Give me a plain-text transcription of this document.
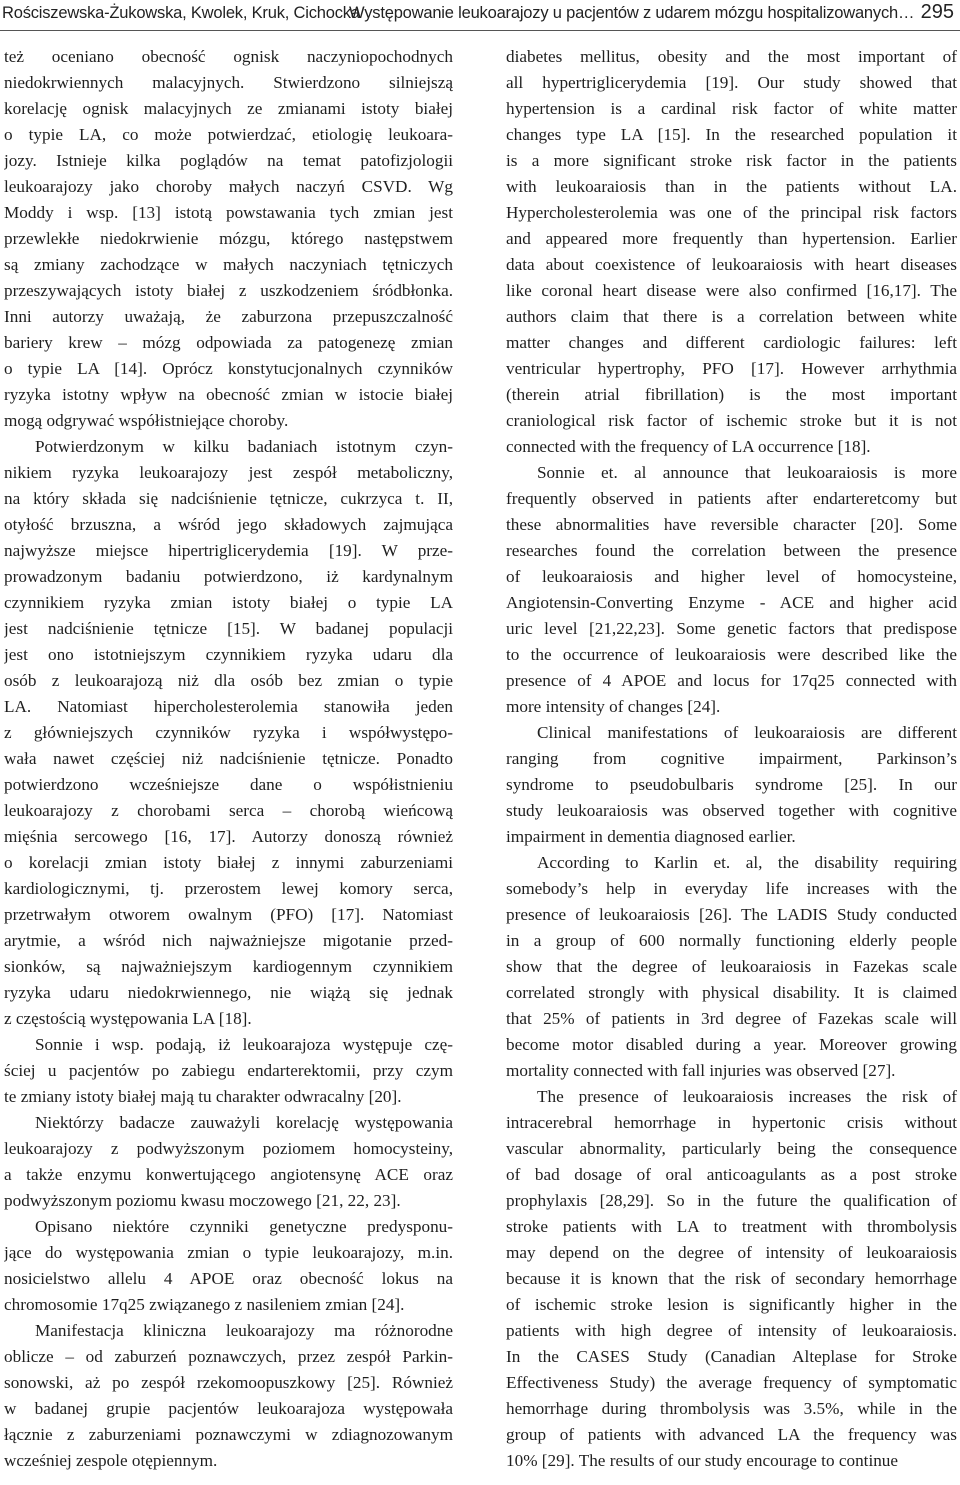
Rościszewska-Żukowska, Kwolek, Kruk, Cichocka
Występowanie leukoarajozy u pacjentów z udarem mózgu hospitalizowanych… 295
też oceniano obecność ognisk naczyniopochodnych
niedokrwiennych malacyjnych. Stwierdzono silniejszą
korelację ognisk malacyjnych ze zmianami istoty białej
o typie LA, co może potwierdzać, etiologię leukoara-
jozy. Istnieje kilka poglądów na temat patofizjologii
leukoarajozy jako choroby małych naczyń CSVD. Wg
Moddy i wsp. [13] istotą powstawania tych zmian jest
przewlekłe niedokrwienie mózgu, którego następstwem
są zmiany zachodzące w małych naczyniach tętniczych
przeszywających istoty białej z uszkodzeniem śródbłonka.
Inni autorzy uważają, że zaburzona przepuszczalność
bariery krew – mózg odpowiada za patogenezę zmian
o typie LA [14]. Oprócz konstytucjonalnych czynników
ryzyka istotny wpływ na obecność zmian w istocie białej
mogą odgrywać współistniejące choroby.
Potwierdzonym w kilku badaniach istotnym czyn-
nikiem ryzyka leukoarajozy jest zespół metaboliczny,
na który składa się nadciśnienie tętnicze, cukrzyca t. II,
otyłość brzuszna, a wśród jego składowych zajmująca
najwyższe miejsce hipertriglicerydemia [19]. W prze-
prowadzonym badaniu potwierdzono, iż kardynalnym
czynnikiem ryzyka zmian istoty białej o typie LA
jest nadciśnienie tętnicze [15]. W badanej populacji
jest ono istotniejszym czynnikiem ryzyka udaru dla
osób z leukoarajozą niż dla osób bez zmian o typie
LA. Natomiast hipercholesterolemia stanowiła jeden
z główniejszych czynników ryzyka i współwystępo-
wała nawet częściej niż nadciśnienie tętnicze. Ponadto
potwierdzono wcześniejsze dane o współistnieniu
leukoarajozy z chorobami serca – chorobą wieńcową
mięśnia sercowego [16, 17]. Autorzy donoszą również
o korelacji zmian istoty białej z innymi zaburzeniami
kardiologicznymi, tj. przerostem lewej komory serca,
przetrwałym otworem owalnym (PFO) [17]. Natomiast
arytmie, a wśród nich najważniejsze migotanie przed-
sionków, są najważniejszym kardiogennym czynnikiem
ryzyka udaru niedokrwiennego, nie wiążą się jednak
z częstością występowania LA [18].
Sonnie i wsp. podają, iż leukoarajoza występuje czę-
ściej u pacjentów po zabiegu endarterektomii, przy czym
te zmiany istoty białej mają tu charakter odwracalny [20].
Niektórzy badacze zauważyli korelację występowania
leukoarajozy z podwyższonym poziomem homocysteiny,
a także enzymu konwertującego angiotensynę ACE oraz
podwyższonym poziomu kwasu moczowego [21, 22, 23].
Opisano niektóre czynniki genetyczne predysponu-
jące do występowania zmian o typie leukoarajozy, m.in.
nosicielstwo allelu 4 APOE oraz obecność lokus na
chromosomie 17q25 związanego z nasileniem zmian [24].
Manifestacja kliniczna leukoarajozy ma różnorodne
oblicze – od zaburzeń poznawczych, przez zespół Parkin-
sonowski, aż po zespół rzekomoopuszkowy [25]. Również
w badanej grupie pacjentów leukoarajoza występowała
łącznie z zaburzeniami poznawczymi w zdiagnozowanym
wcześniej zespole otępiennym.
diabetes mellitus, obesity and the most important of
all hypertriglicerydemia [19]. Our study showed that
hypertension is a cardinal risk factor of white matter
changes type LA [15]. In the researched population it
is a more significant stroke risk factor in the patients
with leukoaraiosis than in the patients without LA.
Hypercholesterolemia was one of the principal risk factors
and appeared more frequently than hypertension. Earlier
data about coexistence of leukoaraiosis with heart diseases
like coronal heart disease were also confirmed [16,17]. The
authors claim that there is a correlation between white
matter changes and different cardiologic failures: left
ventricular hypertrophy, PFO [17]. However arrhythmia
(therein atrial fibrillation) is the most important
craniological risk factor of ischemic stroke but it is not
connected with the frequency of LA occurrence [18].
Sonnie et. al announce that leukoaraiosis is more
frequently observed in patients after endarteretcomy but
these abnormalities have reversible character [20]. Some
researches found the correlation between the presence
of leukoaraiosis and higher level of homocysteine,
Angiotensin-Converting Enzyme - ACE and higher acid
uric level [21,22,23]. Some genetic factors that predispose
to the occurrence of leukoaraiosis were described like the
presence of 4 APOE and locus for 17q25 connected with
more intensity of changes [24].
Clinical manifestations of leukoaraiosis are different
ranging from cognitive impairment, Parkinson’s
syndrome to pseudobulbaris syndrome [25]. In our
study leukoaraiosis was observed together with cognitive
impairment in dementia diagnosed earlier.
According to Karlin et. al, the disability requiring
somebody’s help in everyday life increases with the
presence of leukoaraiosis [26]. The LADIS Study conducted
in a group of 600 normally functioning elderly people
show that the degree of leukoaraiosis in Fazekas scale
correlated strongly with physical disability. It is claimed
that 25% of patients in 3rd degree of Fazekas scale will
become motor disabled during a year. Moreover growing
mortality connected with fall injuries was observed [27].
The presence of leukoaraiosis increases the risk of
intracerebral hemorrhage in hypertonic crisis without
vascular abnormality, particularly being the consequence
of bad dosage of oral anticoagulants as a post stroke
prophylaxis [28,29]. So in the future the qualification of
stroke patients with LA to treatment with thrombolysis
may depend on the degree of intensity of leukoaraiosis
because it is known that the risk of secondary hemorrhage
of ischemic stroke lesion is significantly higher in the
patients with high degree of intensity of leukoaraiosis.
In the CASES Study (Canadian Alteplase for Stroke
Effectiveness Study) the average frequency of symptomatic
hemorrhage during thrombolysis was 3.5%, while in the
group of patients with advanced LA the frequency was
10% [29]. The results of our study encourage to continue
